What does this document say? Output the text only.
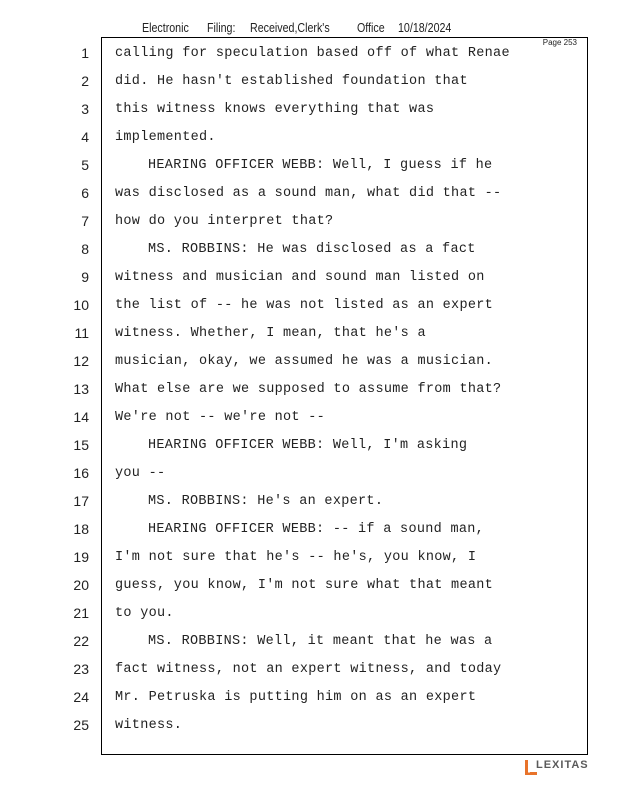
Electronic Filing: Received,Clerk's Office 10/18/2024
Page 253
1
2
3
4
5
6
7
8
9
10
11
12
13
14
15
16
17
18
19
20
21
22
23
24
25
calling for speculation based off of what Renae
did. He hasn't established foundation that
this witness knows everything that was
implemented.
HEARING OFFICER WEBB: Well, I guess if he
was disclosed as a sound man, what did that --
how do you interpret that?
MS. ROBBINS: He was disclosed as a fact
witness and musician and sound man listed on
the list of -- he was not listed as an expert
witness. Whether, I mean, that he's a
musician, okay, we assumed he was a musician.
What else are we supposed to assume from that?
We're not -- we're not --
HEARING OFFICER WEBB: Well, I'm asking
you --
MS. ROBBINS: He's an expert.
HEARING OFFICER WEBB: -- if a sound man,
I'm not sure that he's -- he's, you know, I
guess, you know, I'm not sure what that meant
to you.
MS. ROBBINS: Well, it meant that he was a
fact witness, not an expert witness, and today
Mr. Petruska is putting him on as an expert
witness.
LEXITAS
